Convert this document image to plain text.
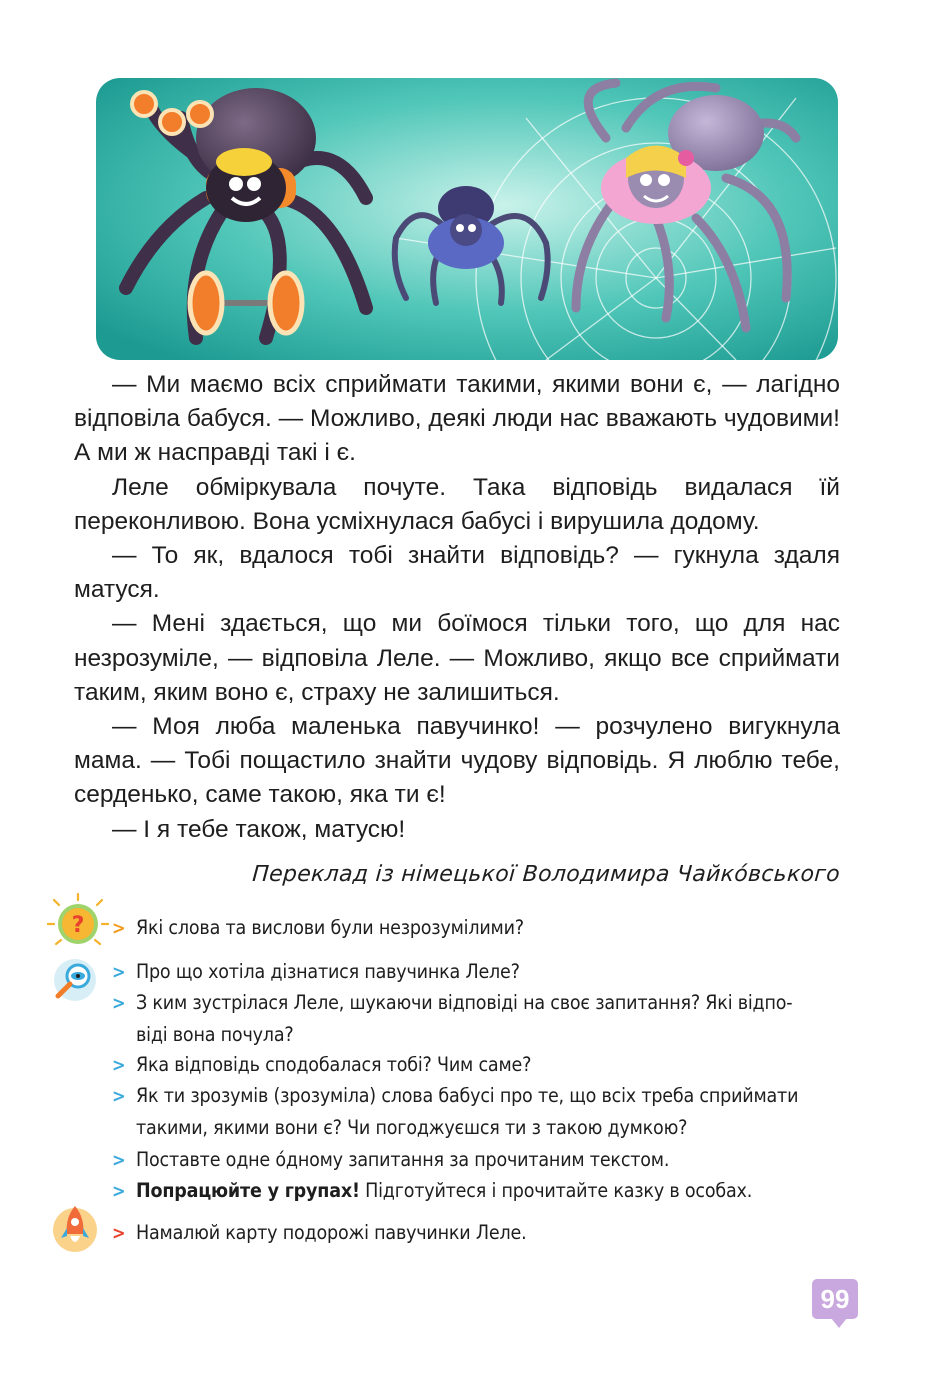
— Ми маємо всіх сприймати такими, якими вони є, — лагідно відповіла бабуся. — Можливо, деякі люди нас вважають чудовими! А ми ж насправді такі і є.

Леле обміркувала почуте. Така відповідь видалася їй переконливою. Вона усміхнулася бабусі і вирушила додому.

— То як, вдалося тобі знайти відповідь? — гукнула здаля матуся.

— Мені здається, що ми боїмося тільки того, що для нас незрозуміле, — відповіла Леле. — Можливо, якщо все сприймати таким, яким воно є, страху не залишиться.

— Моя люба маленька павучинко! — розчулено вигукнула мама. — Тобі пощастило знайти чудову відповідь. Я люблю тебе, серденько, саме такою, яка ти є!

— І я тебе також, матусю!

Переклад із німецької Володимира Чайко́вського
? > Які слова та вислови були незрозумілими?
> Про що хотіла дізнатися павучинка Леле?
> З ким зустрілася Леле, шукаючи відповіді на своє запитання? Які відпо-
віді вона почула?
> Яка відповідь сподобалася тобі? Чим саме?
> Як ти зрозумів (зрозуміла) слова бабусі про те, що всіх треба сприймати
такими, якими вони є? Чи погоджуєшся ти з такою думкою?
> Поставте одне о́дному запитання за прочитаним текстом.
> Попрацюйте у групах! Підготуйтеся і прочитайте казку в особах.
> Намалюй карту подорожі павучинки Леле.
99
